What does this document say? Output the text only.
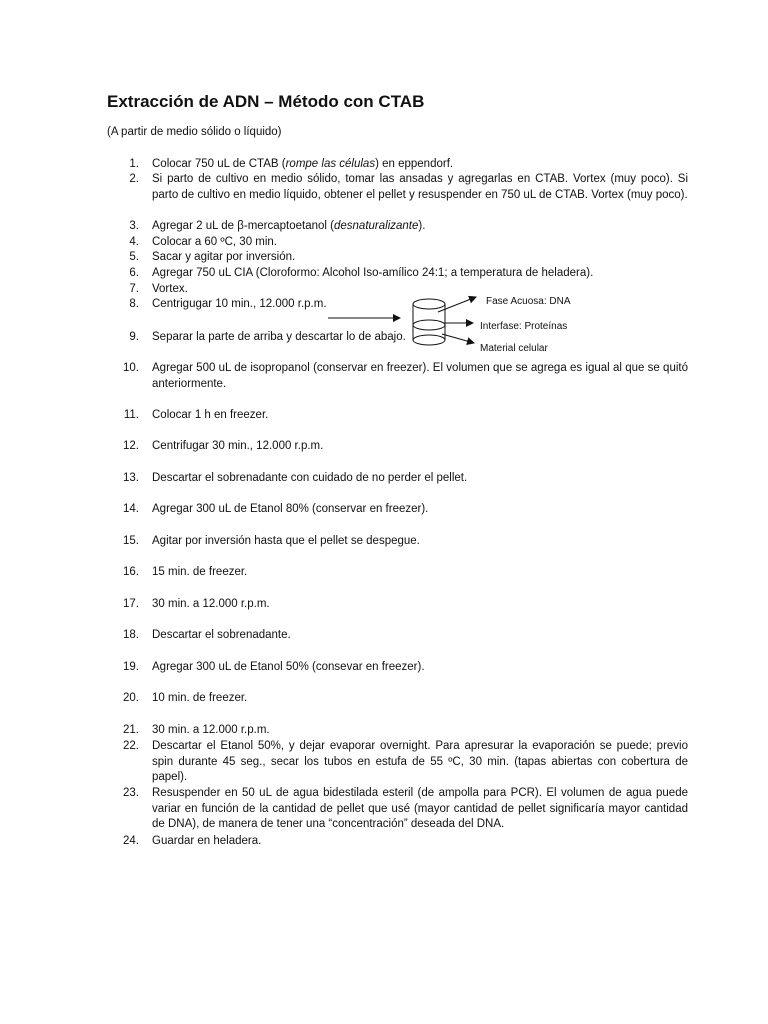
Extracción de ADN – Método con CTAB
(A partir de medio sólido o líquido)
1. Colocar 750 uL de CTAB (rompe las células) en eppendorf.
2. Si parto de cultivo en medio sólido, tomar las ansadas y agregarlas en CTAB. Vortex (muy poco). Si parto de cultivo en medio líquido, obtener el pellet y resuspender en 750 uL de CTAB. Vortex (muy poco).
3. Agregar 2 uL de β-mercaptoetanol (desnaturalizante).
4. Colocar a 60 ºC, 30 min.
5. Sacar y agitar por inversión.
6. Agregar 750 uL CIA (Cloroformo: Alcohol Iso-amílico 24:1; a temperatura de heladera).
7. Vortex.
8. Centrigugar 10 min., 12.000 r.p.m.
9. Separar la parte de arriba y descartar lo de abajo.
10. Agregar 500 uL de isopropanol (conservar en freezer). El volumen que se agrega es igual al que se quitó anteriormente.
11. Colocar 1 h en freezer.
12. Centrifugar 30 min., 12.000 r.p.m.
13. Descartar el sobrenadante con cuidado de no perder el pellet.
14. Agregar 300 uL de Etanol 80% (conservar en freezer).
15. Agitar por inversión hasta que el pellet se despegue.
16. 15 min. de freezer.
17. 30 min. a 12.000 r.p.m.
18. Descartar el sobrenadante.
19. Agregar 300 uL de Etanol 50% (consevar en freezer).
20. 10 min. de freezer.
21. 30 min. a 12.000 r.p.m.
22. Descartar el Etanol 50%, y dejar evaporar overnight. Para apresurar la evaporación se puede; previo spin durante 45 seg., secar los tubos en estufa de 55 ºC, 30 min. (tapas abiertas con cobertura de papel).
23. Resuspender en 50 uL de agua bidestilada esteril (de ampolla para PCR). El volumen de agua puede variar en función de la cantidad de pellet que usé (mayor cantidad de pellet significaría mayor cantidad de DNA), de manera de tener una “concentración” deseada del DNA.
24. Guardar en heladera.
Fase Acuosa: DNA
Interfase: Proteínas
Material celular
